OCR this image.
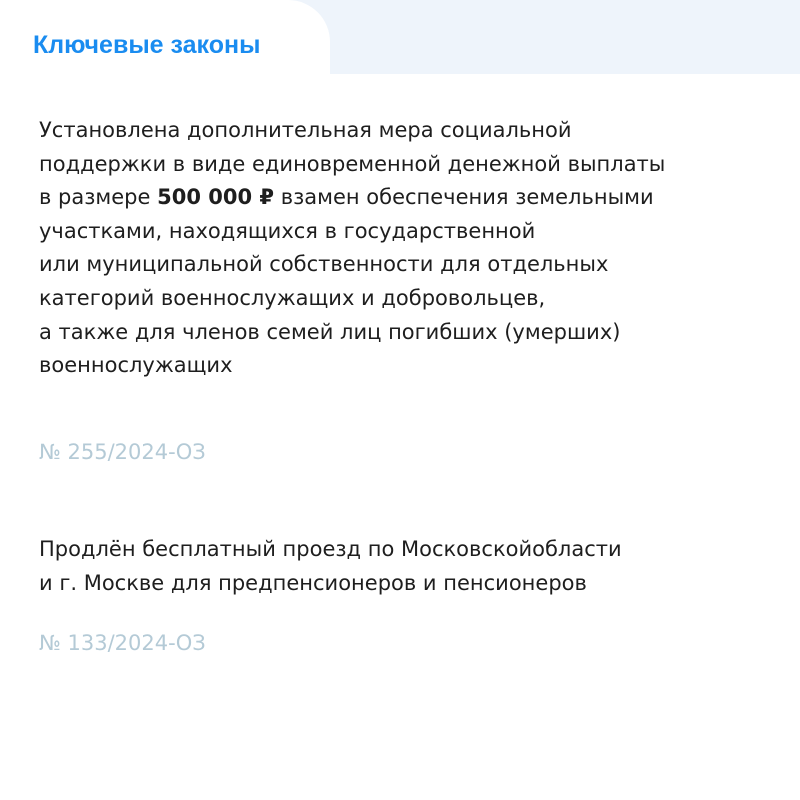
Ключевые законы

Установлена дополнительная мера социальной
поддержки в виде единовременной денежной выплаты
в размере 500 000 ₽ взамен обеспечения земельными
участками, находящихся в государственной
или муниципальной собственности для отдельных
категорий военнослужащих и добровольцев,
а также для членов семей лиц погибших (умерших)
военнослужащих

№ 255/2024-ОЗ

Продлён бесплатный проезд по Московскойобласти
и г. Москве для предпенсионеров и пенсионеров

№ 133/2024-ОЗ
